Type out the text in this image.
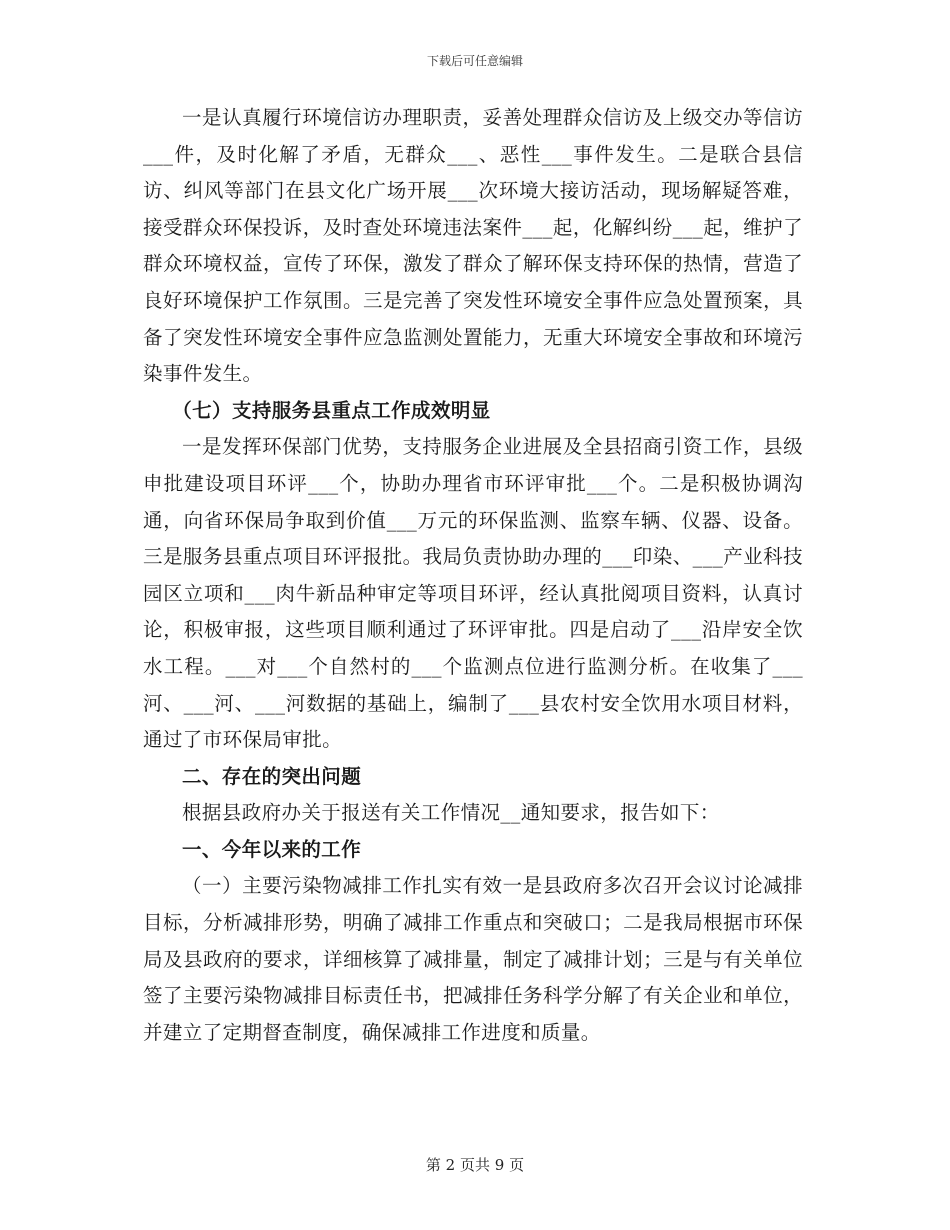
下载后可任意编辑

一是认真履行环境信访办理职责，妥善处理群众信访及上级交办等信访___件，及时化解了矛盾，无群众___、恶性___事件发生。二是联合县信访、纠风等部门在县文化广场开展___次环境大接访活动，现场解疑答难，接受群众环保投诉，及时查处环境违法案件___起，化解纠纷___起，维护了群众环境权益，宣传了环保，激发了群众了解环保支持环保的热情，营造了良好环境保护工作氛围。三是完善了突发性环境安全事件应急处置预案，具备了突发性环境安全事件应急监测处置能力，无重大环境安全事故和环境污染事件发生。

（七）支持服务县重点工作成效明显

一是发挥环保部门优势，支持服务企业进展及全县招商引资工作，县级申批建设项目环评___个，协助办理省市环评审批___个。二是积极协调沟通，向省环保局争取到价值___万元的环保监测、监察车辆、仪器、设备。三是服务县重点项目环评报批。我局负责协助办理的___印染、___产业科技园区立项和___肉牛新品种审定等项目环评，经认真批阅项目资料，认真讨论，积极审报，这些项目顺利通过了环评审批。四是启动了___沿岸安全饮水工程。___对___个自然村的___个监测点位进行监测分析。在收集了___河、___河、___河数据的基础上，编制了___县农村安全饮用水项目材料，通过了市环保局审批。

二、存在的突出问题

根据县政府办关于报送有关工作情况__通知要求，报告如下：

一、今年以来的工作

（一）主要污染物减排工作扎实有效一是县政府多次召开会议讨论减排目标，分析减排形势，明确了减排工作重点和突破口；二是我局根据市环保局及县政府的要求，详细核算了减排量，制定了减排计划；三是与有关单位签了主要污染物减排目标责任书，把减排任务科学分解了有关企业和单位，并建立了定期督查制度，确保减排工作进度和质量。

第 2 页共 9 页
